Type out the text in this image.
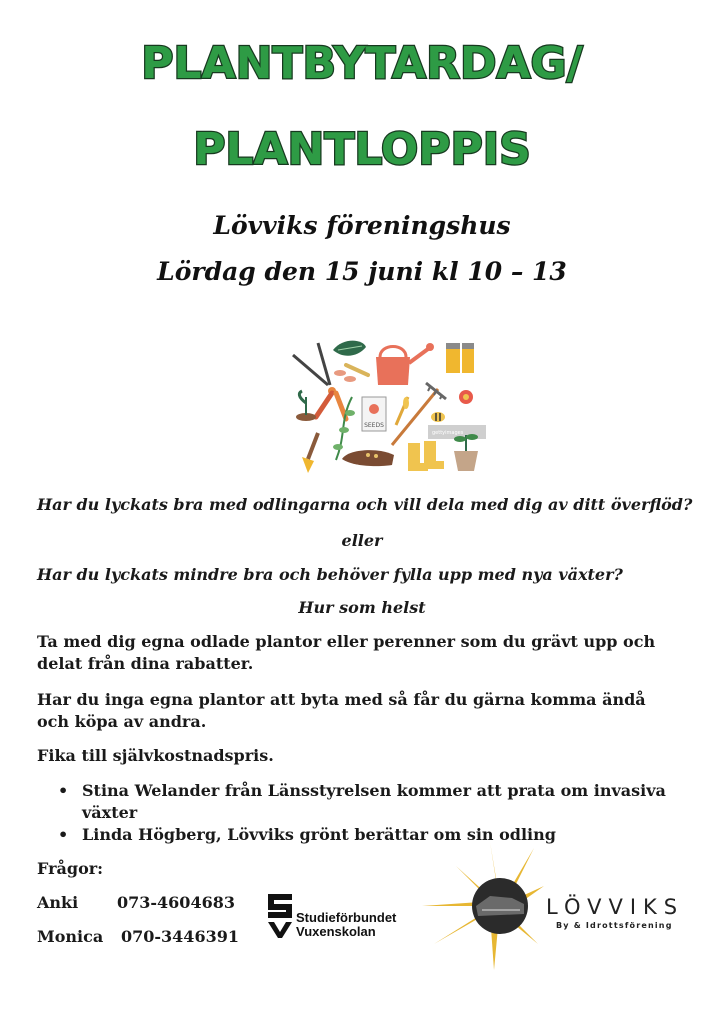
PLANTBYTARDAG/
PLANTLOPPIS
Lövviks föreningshus
Lördag den 15 juni kl 10 – 13
SEEDS
gettyimages
Har du lyckats bra med odlingarna och vill dela med dig av ditt överflöd?
eller
Har du lyckats mindre bra och behöver fylla upp med nya växter?
Hur som helst
Ta med dig egna odlade plantor eller perenner som du grävt upp och delat från dina rabatter.
Har du inga egna plantor att byta med så får du gärna komma ändå och köpa av andra.
Fika till självkostnadspris.
• Stina Welander från Länsstyrelsen kommer att prata om invasiva växter
• Linda Högberg, Lövviks grönt berättar om sin odling
Frågor:
Anki 073-4604683
Monica 070-3446391
Studieförbundet
Vuxenskolan
LÖVVIKS
By & Idrottsförening
